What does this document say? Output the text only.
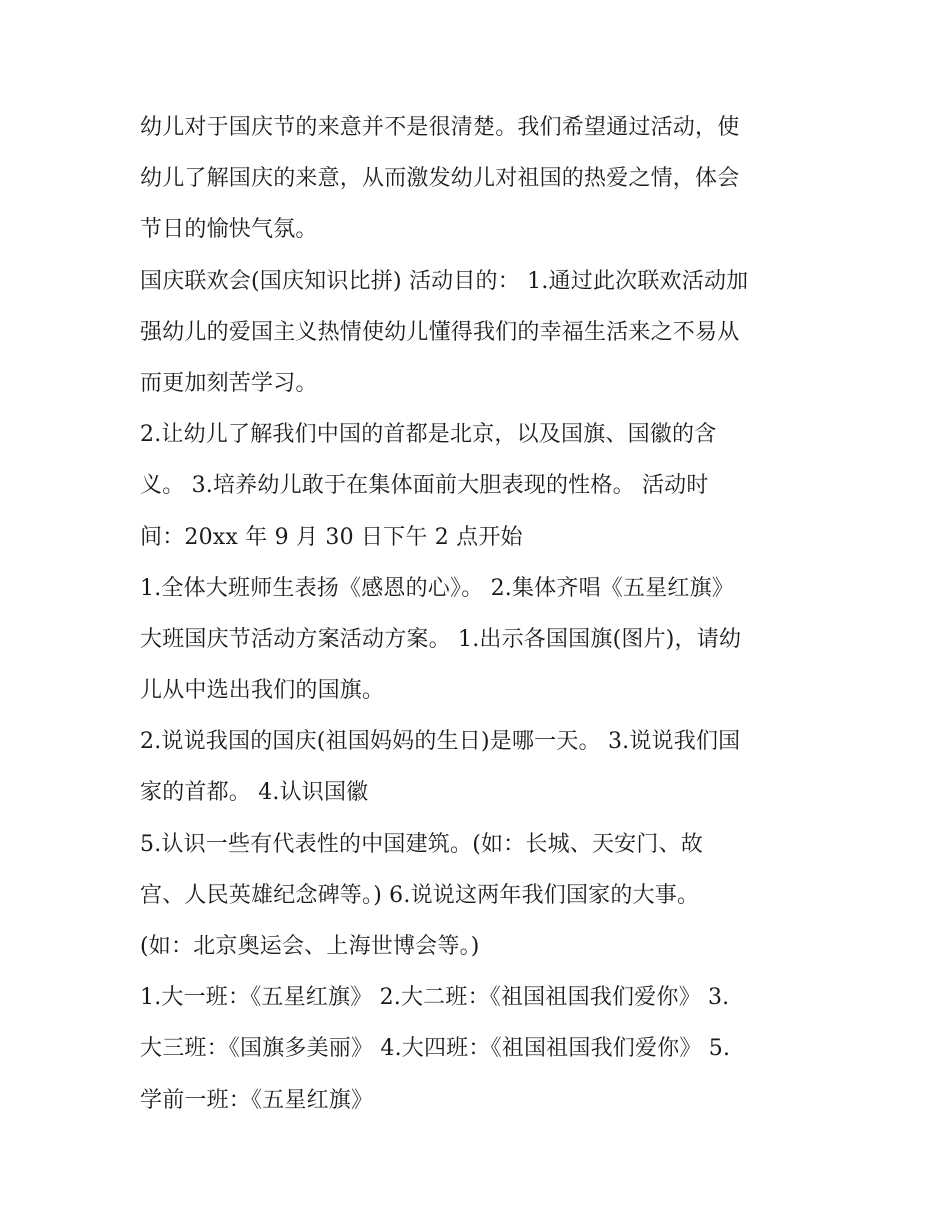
幼儿对于国庆节的来意并不是很清楚。我们希望通过活动，使
幼儿了解国庆的来意，从而激发幼儿对祖国的热爱之情，体会
节日的愉快气氛。
国庆联欢会(国庆知识比拼) 活动目的： 1.通过此次联欢活动加
强幼儿的爱国主义热情使幼儿懂得我们的幸福生活来之不易从
而更加刻苦学习。
2.让幼儿了解我们中国的首都是北京，以及国旗、国徽的含
义。 3.培养幼儿敢于在集体面前大胆表现的性格。 活动时
间：20xx 年 9 月 30 日下午 2 点开始
1.全体大班师生表扬《感恩的心》。 2.集体齐唱《五星红旗》
大班国庆节活动方案活动方案。 1.出示各国国旗(图片)，请幼
儿从中选出我们的国旗。
2.说说我国的国庆(祖国妈妈的生日)是哪一天。 3.说说我们国
家的首都。 4.认识国徽
5.认识一些有代表性的中国建筑。(如：长城、天安门、故
宫、人民英雄纪念碑等。) 6.说说这两年我们国家的大事。
(如：北京奥运会、上海世博会等。)
1.大一班：《五星红旗》 2.大二班：《祖国祖国我们爱你》 3.
大三班：《国旗多美丽》 4.大四班：《祖国祖国我们爱你》 5.
学前一班：《五星红旗》
